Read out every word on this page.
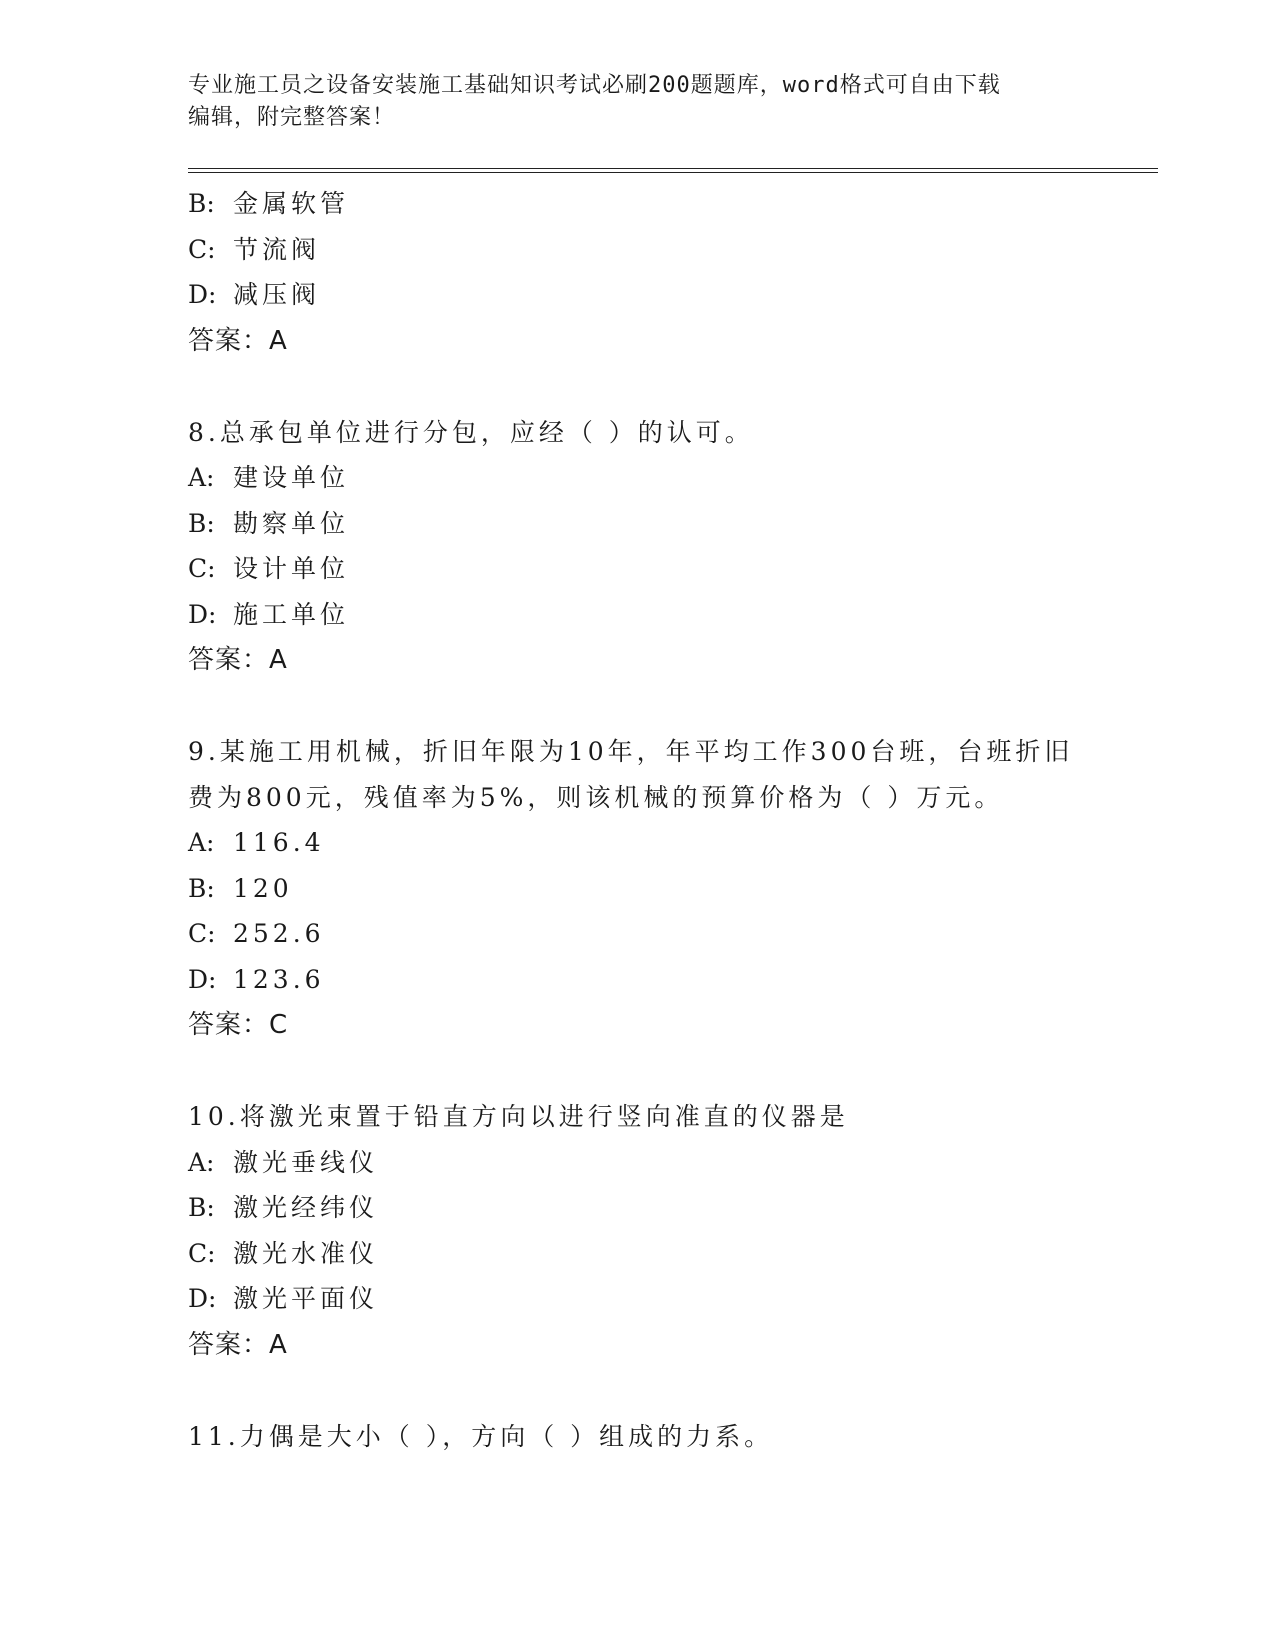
专业施工员之设备安装施工基础知识考试必刷200题题库，word格式可自由下载
编辑，附完整答案！
B: 金属软管
C: 节流阀
D: 减压阀
答案：A
8.总承包单位进行分包，应经（ ）的认可。
A: 建设单位
B: 勘察单位
C: 设计单位
D: 施工单位
答案：A
9.某施工用机械，折旧年限为10年，年平均工作300台班，台班折旧
费为800元，残值率为5%，则该机械的预算价格为（ ）万元。
A: 116.4
B: 120
C: 252.6
D: 123.6
答案：C
10.将激光束置于铅直方向以进行竖向准直的仪器是
A: 激光垂线仪
B: 激光经纬仪
C: 激光水准仪
D: 激光平面仪
答案：A
11.力偶是大小（ ），方向（ ）组成的力系。
